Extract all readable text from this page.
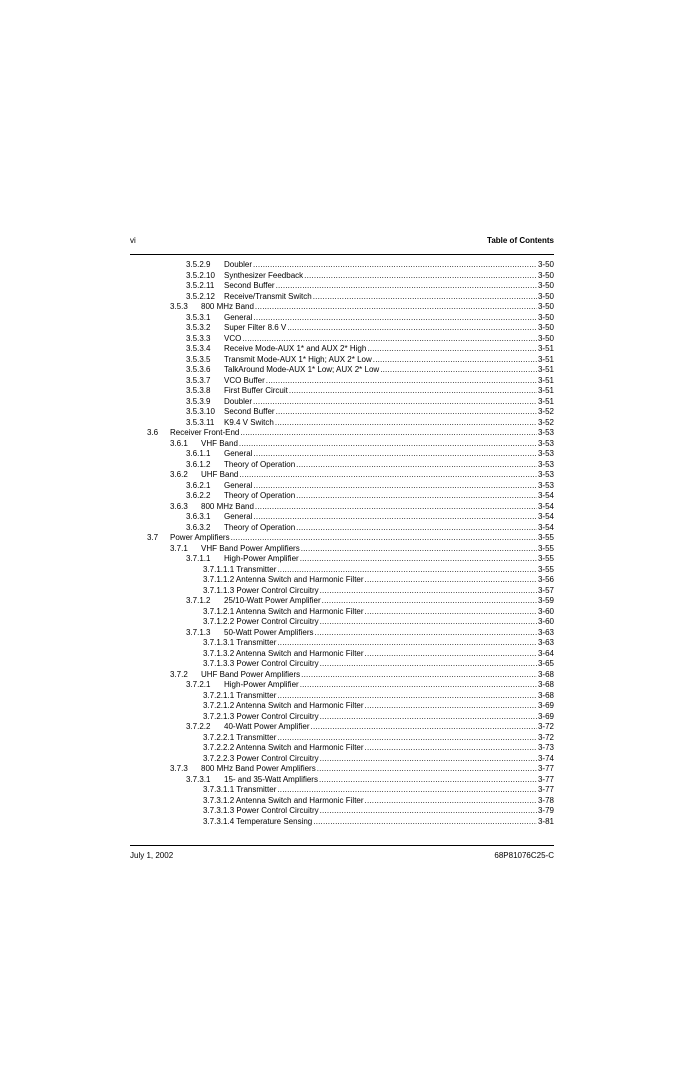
vi	Table of Contents
3.5.2.9 Doubler .....	3-50
3.5.2.10 Synthesizer Feedback .....	3-50
3.5.2.11 Second Buffer .....	3-50
3.5.2.12 Receive/Transmit Switch .....	3-50
3.5.3 800 MHz Band .....	3-50
3.5.3.1 General .....	3-50
3.5.3.2 Super Filter 8.6 V .....	3-50
3.5.3.3 VCO .....	3-50
3.5.3.4 Receive Mode-AUX 1* and AUX 2* High .....	3-51
3.5.3.5 Transmit Mode-AUX 1* High; AUX 2* Low .....	3-51
3.5.3.6 TalkAround Mode-AUX 1* Low; AUX 2* Low .....	3-51
3.5.3.7 VCO Buffer .....	3-51
3.5.3.8 First Buffer Circuit .....	3-51
3.5.3.9 Doubler .....	3-51
3.5.3.10 Second Buffer .....	3-52
3.5.3.11 K9.4 V Switch .....	3-52
3.6 Receiver Front-End .....	3-53
3.6.1 VHF Band .....	3-53
3.6.1.1 General .....	3-53
3.6.1.2 Theory of Operation .....	3-53
3.6.2 UHF Band .....	3-53
3.6.2.1 General .....	3-53
3.6.2.2 Theory of Operation .....	3-54
3.6.3 800 MHz Band .....	3-54
3.6.3.1 General .....	3-54
3.6.3.2 Theory of Operation .....	3-54
3.7 Power Amplifiers .....	3-55
3.7.1 VHF Band Power Amplifiers .....	3-55
3.7.1.1 High-Power Amplifier .....	3-55
3.7.1.1.1 Transmitter .....	3-55
3.7.1.1.2 Antenna Switch and Harmonic Filter .....	3-56
3.7.1.1.3 Power Control Circuitry .....	3-57
3.7.1.2 25/10-Watt Power Amplifier .....	3-59
3.7.1.2.1 Antenna Switch and Harmonic Filter .....	3-60
3.7.1.2.2 Power Control Circuitry .....	3-60
3.7.1.3 50-Watt Power Amplifiers .....	3-63
3.7.1.3.1 Transmitter .....	3-63
3.7.1.3.2 Antenna Switch and Harmonic Filter .....	3-64
3.7.1.3.3 Power Control Circuitry .....	3-65
3.7.2 UHF Band Power Amplifiers .....	3-68
3.7.2.1 High-Power Amplifier .....	3-68
3.7.2.1.1 Transmitter .....	3-68
3.7.2.1.2 Antenna Switch and Harmonic Filter .....	3-69
3.7.2.1.3 Power Control Circuitry .....	3-69
3.7.2.2 40-Watt Power Amplifier .....	3-72
3.7.2.2.1 Transmitter .....	3-72
3.7.2.2.2 Antenna Switch and Harmonic Filter .....	3-73
3.7.2.2.3 Power Control Circuitry .....	3-74
3.7.3 800 MHz Band Power Amplifiers .....	3-77
3.7.3.1 15- and 35-Watt Amplifiers .....	3-77
3.7.3.1.1 Transmitter .....	3-77
3.7.3.1.2 Antenna Switch and Harmonic Filter .....	3-78
3.7.3.1.3 Power Control Circuitry .....	3-79
3.7.3.1.4 Temperature Sensing .....	3-81
July 1, 2002	68P81076C25-C
